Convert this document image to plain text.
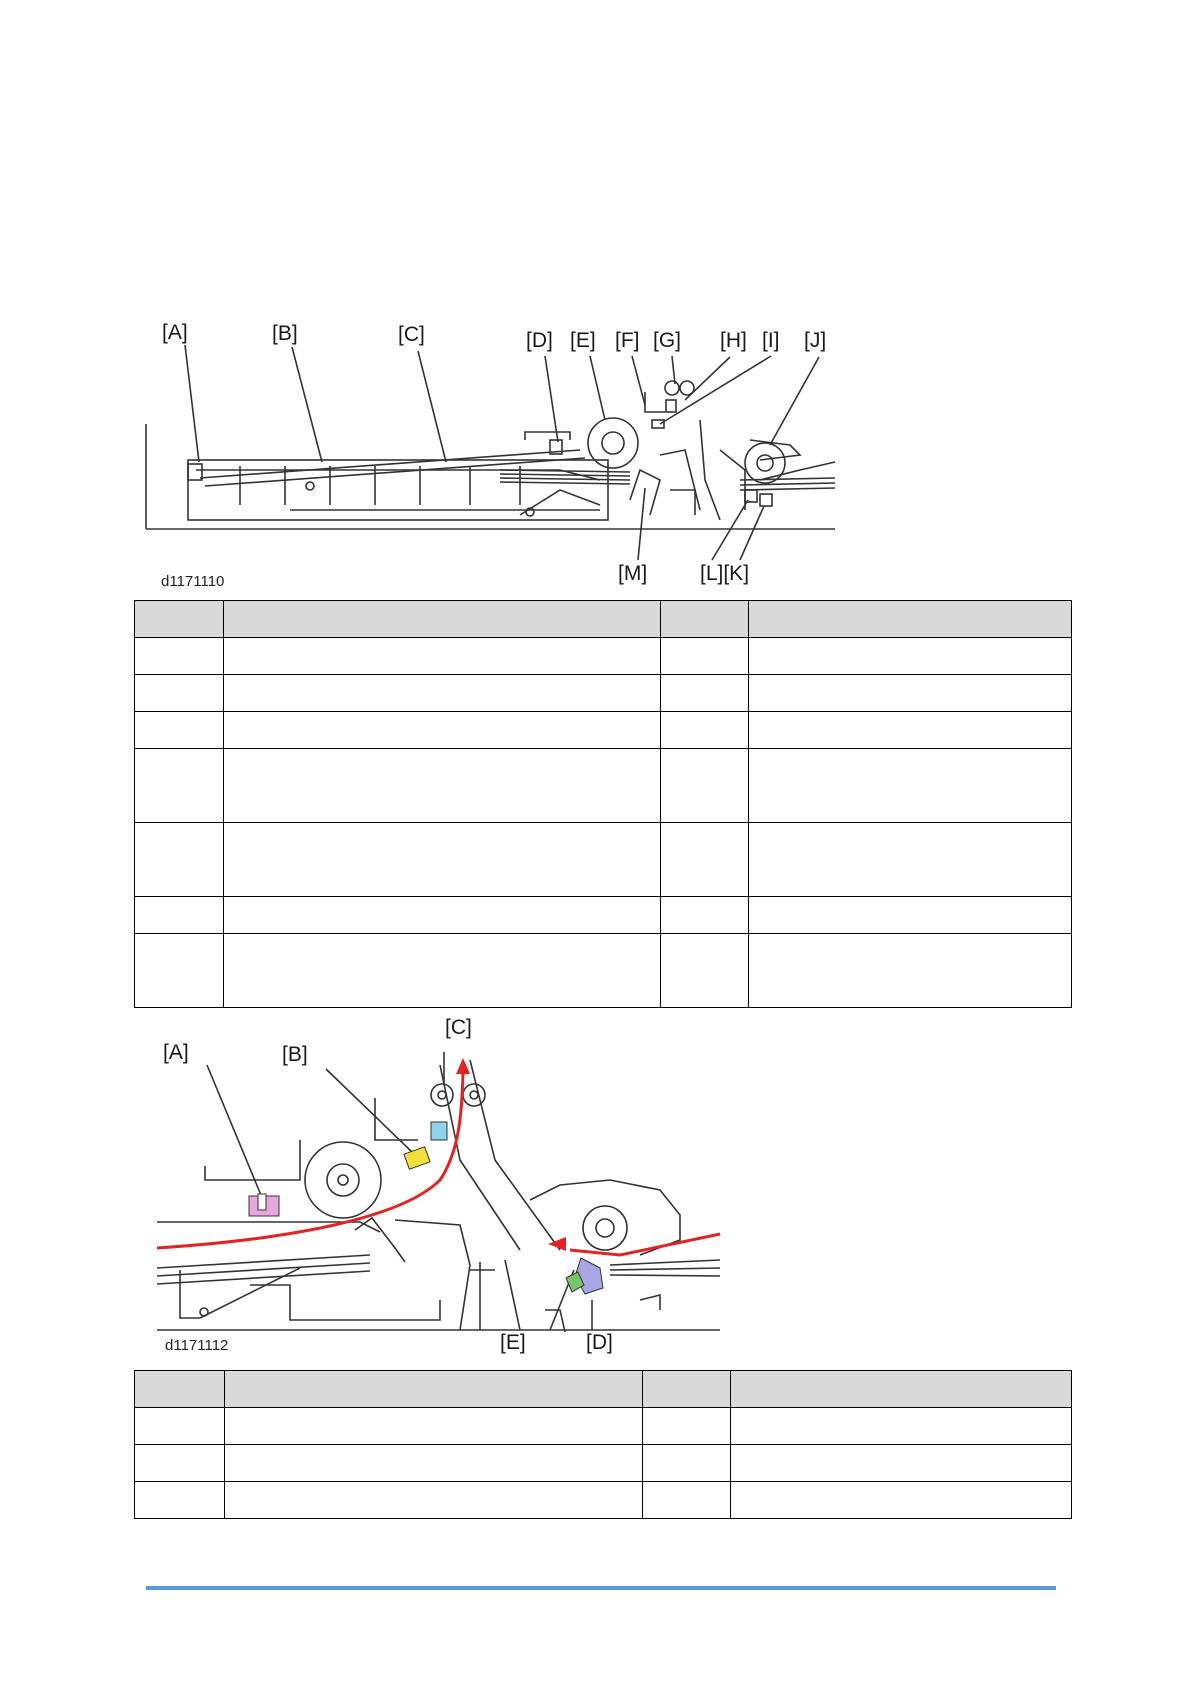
[A]	[B]	[C]	[D] [E] [F] [G] [H] [I] [J]
[M]	[L][K]
d1171110

[A]	[B]
[C]
[E]	[D]
d1171112
